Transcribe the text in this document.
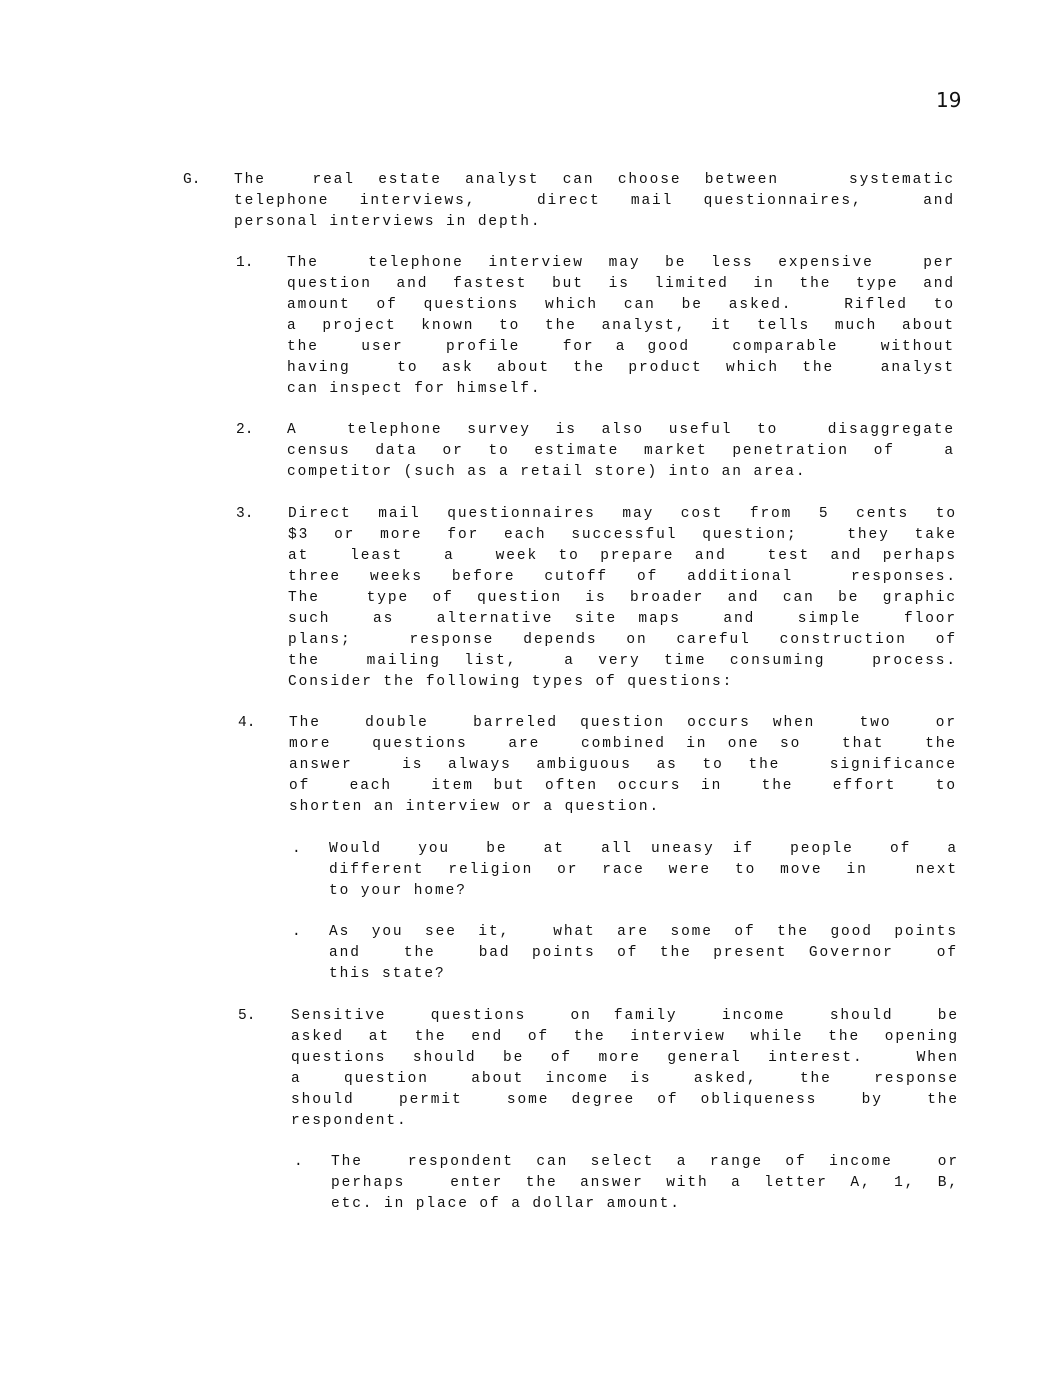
19
G. The  real estate analyst can choose between   systematic
telephone interviews,  direct mail questionnaires,  and
personal interviews in depth.
1. The  telephone interview may be less expensive  per
question and fastest but is limited in the type and
amount of questions which can be asked.  Rifled to
a project known to the analyst, it tells much about
the  user  profile  for a good  comparable  without
having  to ask about the product which the  analyst
can inspect for himself.
2. A  telephone survey is also useful to  disaggregate
census data or to estimate market penetration of  a
competitor (such as a retail store) into an area.
3. Direct mail questionnaires may cost from 5 cents to
$3 or more for each successful question;  they take
at  least  a  week to prepare and  test and perhaps
three weeks before cutoff of additional  responses.
The  type of question is broader and can be graphic
such  as  alternative site maps  and  simple  floor
plans;  response depends on careful construction of
the  mailing list,  a very time consuming  process.
Consider the following types of questions:
4. The  double  barreled question occurs when  two  or
more  questions  are  combined in one so  that  the
answer  is always ambiguous as to the  significance
of  each  item but often occurs in  the  effort  to
shorten an interview or a question.
. Would  you  be  at  all uneasy if  people  of  a
different religion or race were to move in  next
to your home?
. As you see it,  what are some of the good points
and  the  bad points of the present Governor  of
this state?
5. Sensitive  questions  on family  income  should  be
asked at the end of the interview while the opening
questions should be of more general interest.  When
a  question  about income is  asked,  the  response
should  permit  some degree of obliqueness  by  the
respondent.
. The  respondent can select a range of income  or
perhaps  enter the answer with a letter A, 1, B,
etc. in place of a dollar amount.
